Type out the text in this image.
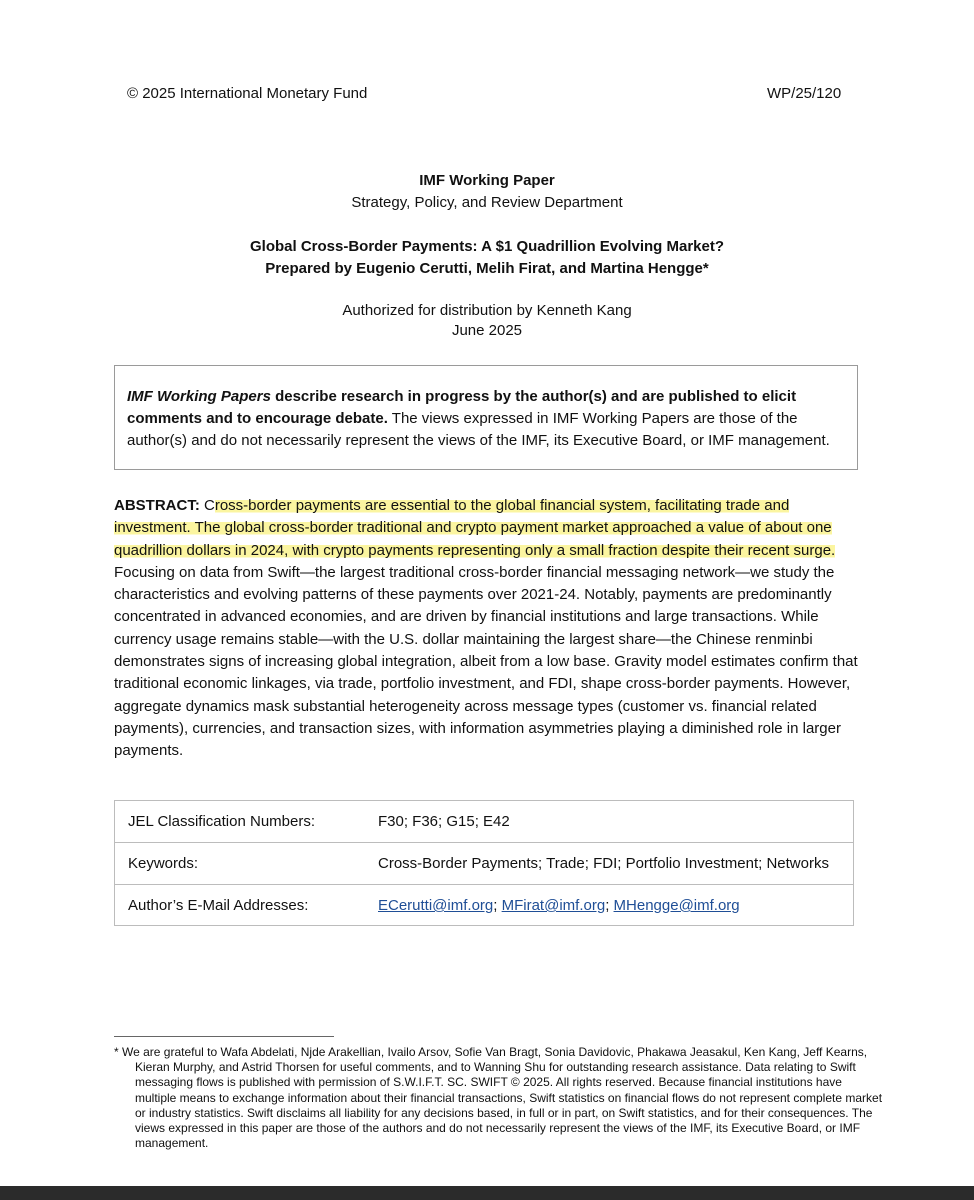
© 2025 International Monetary Fund	WP/25/120
IMF Working Paper
Strategy, Policy, and Review Department
Global Cross-Border Payments: A $1 Quadrillion Evolving Market?
Prepared by Eugenio Cerutti, Melih Firat, and Martina Hengge*
Authorized for distribution by Kenneth Kang
June 2025
IMF Working Papers describe research in progress by the author(s) and are published to elicit comments and to encourage debate. The views expressed in IMF Working Papers are those of the author(s) and do not necessarily represent the views of the IMF, its Executive Board, or IMF management.

ABSTRACT: Cross-border payments are essential to the global financial system, facilitating trade and investment. The global cross-border traditional and crypto payment market approached a value of about one quadrillion dollars in 2024, with crypto payments representing only a small fraction despite their recent surge. Focusing on data from Swift—the largest traditional cross-border financial messaging network—we study the characteristics and evolving patterns of these payments over 2021-24. Notably, payments are predominantly concentrated in advanced economies, and are driven by financial institutions and large transactions. While currency usage remains stable—with the U.S. dollar maintaining the largest share—the Chinese renminbi demonstrates signs of increasing global integration, albeit from a low base. Gravity model estimates confirm that traditional economic linkages, via trade, portfolio investment, and FDI, shape cross-border payments. However, aggregate dynamics mask substantial heterogeneity across message types (customer vs. financial related payments), currencies, and transaction sizes, with information asymmetries playing a diminished role in larger payments.

JEL Classification Numbers:	F30; F36; G15; E42
Keywords:	Cross-Border Payments; Trade; FDI; Portfolio Investment; Networks
Author’s E-Mail Addresses:	ECerutti@imf.org; MFirat@imf.org; MHengge@imf.org
* We are grateful to Wafa Abdelati, Njde Arakellian, Ivailo Arsov, Sofie Van Bragt, Sonia Davidovic, Phakawa Jeasakul, Ken Kang, Jeff Kearns, Kieran Murphy, and Astrid Thorsen for useful comments, and to Wanning Shu for outstanding research assistance. Data relating to Swift messaging flows is published with permission of S.W.I.F.T. SC. SWIFT © 2025. All rights reserved. Because financial institutions have multiple means to exchange information about their financial transactions, Swift statistics on financial flows do not represent complete market or industry statistics. Swift disclaims all liability for any decisions based, in full or in part, on Swift statistics, and for their consequences. The views expressed in this paper are those of the authors and do not necessarily represent the views of the IMF, its Executive Board, or IMF management.
